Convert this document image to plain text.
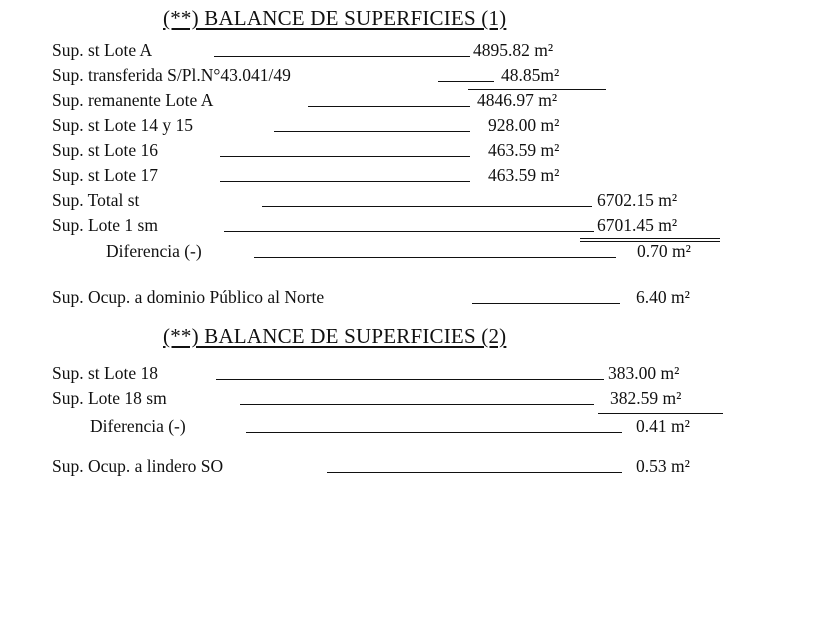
(**) BALANCE DE SUPERFICIES (1)
Sup. st Lote A	4895.82 m²
Sup. transferida S/Pl.N°43.041/49	48.85m²
Sup. remanente Lote A	4846.97 m²
Sup. st Lote 14 y 15	928.00 m²
Sup. st Lote 16	463.59 m²
Sup. st Lote 17	463.59 m²
Sup. Total st	6702.15 m²
Sup. Lote 1 sm	6701.45 m²
Diferencia (-)	0.70 m²
Sup. Ocup. a dominio Público al Norte	6.40 m²
(**) BALANCE DE SUPERFICIES (2)
Sup. st Lote 18	383.00 m²
Sup. Lote 18 sm	382.59 m²
Diferencia (-)	0.41 m²
Sup. Ocup. a lindero SO	0.53 m²
